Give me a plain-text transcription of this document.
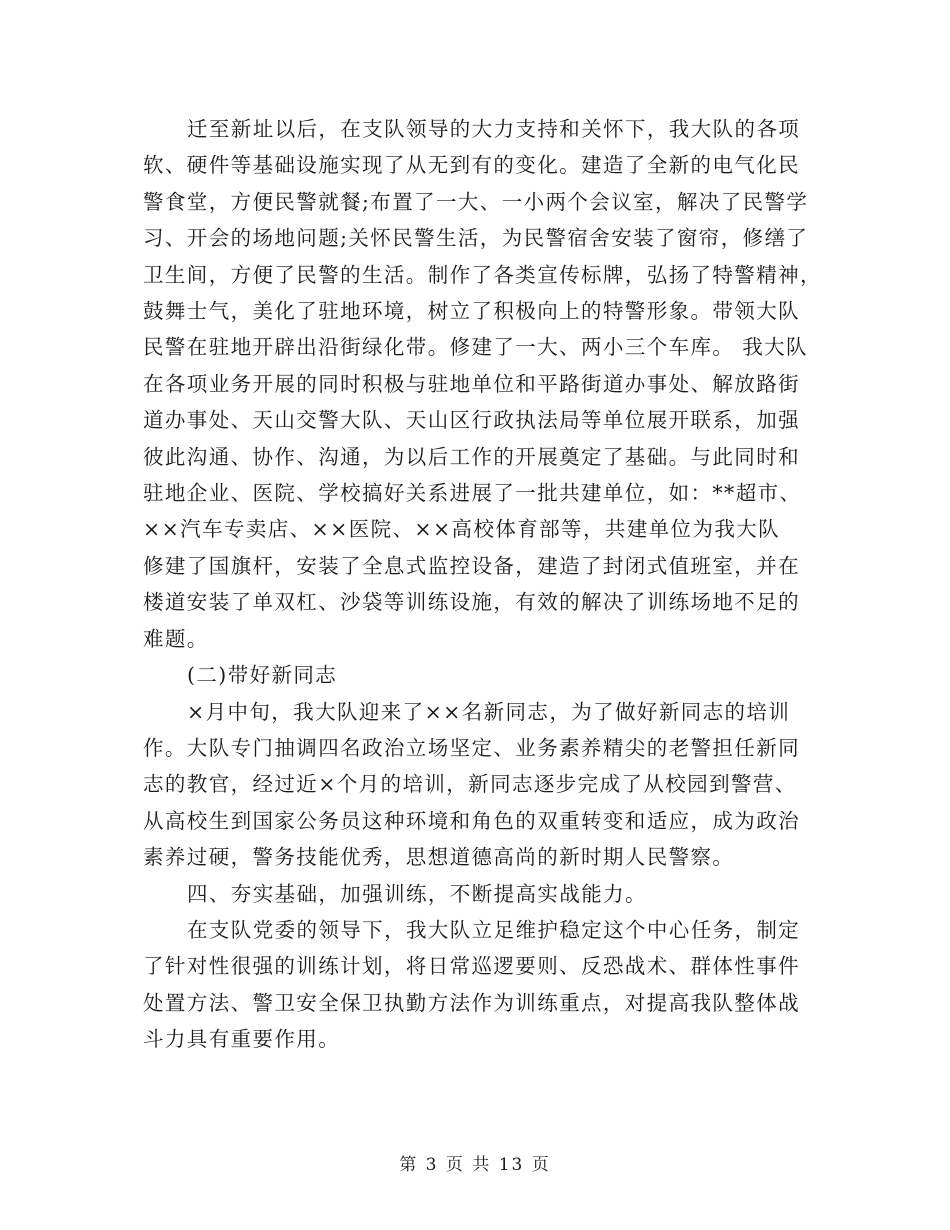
迁至新址以后，在支队领导的大力支持和关怀下，我大队的各项
软、硬件等基础设施实现了从无到有的变化。建造了全新的电气化民
警食堂，方便民警就餐;布置了一大、一小两个会议室，解决了民警学
习、开会的场地问题;关怀民警生活，为民警宿舍安装了窗帘，修缮了
卫生间，方便了民警的生活。制作了各类宣传标牌，弘扬了特警精神，
鼓舞士气，美化了驻地环境，树立了积极向上的特警形象。带领大队
民警在驻地开辟出沿街绿化带。修建了一大、两小三个车库。 我大队
在各项业务开展的同时积极与驻地单位和平路街道办事处、解放路街
道办事处、天山交警大队、天山区行政执法局等单位展开联系，加强
彼此沟通、协作、沟通，为以后工作的开展奠定了基础。与此同时和
驻地企业、医院、学校搞好关系进展了一批共建单位，如：**超市、
××汽车专卖店、××医院、××高校体育部等，共建单位为我大队
修建了国旗杆，安装了全息式监控设备，建造了封闭式值班室，并在
楼道安装了单双杠、沙袋等训练设施，有效的解决了训练场地不足的
难题。

(二)带好新同志

×月中旬，我大队迎来了××名新同志，为了做好新同志的培训
作。大队专门抽调四名政治立场坚定、业务素养精尖的老警担任新同
志的教官，经过近×个月的培训，新同志逐步完成了从校园到警营、
从高校生到国家公务员这种环境和角色的双重转变和适应，成为政治
素养过硬，警务技能优秀，思想道德高尚的新时期人民警察。

四、夯实基础，加强训练，不断提高实战能力。

在支队党委的领导下，我大队立足维护稳定这个中心任务，制定
了针对性很强的训练计划，将日常巡逻要则、反恐战术、群体性事件
处置方法、警卫安全保卫执勤方法作为训练重点，对提高我队整体战
斗力具有重要作用。

第 3 页 共 13 页
